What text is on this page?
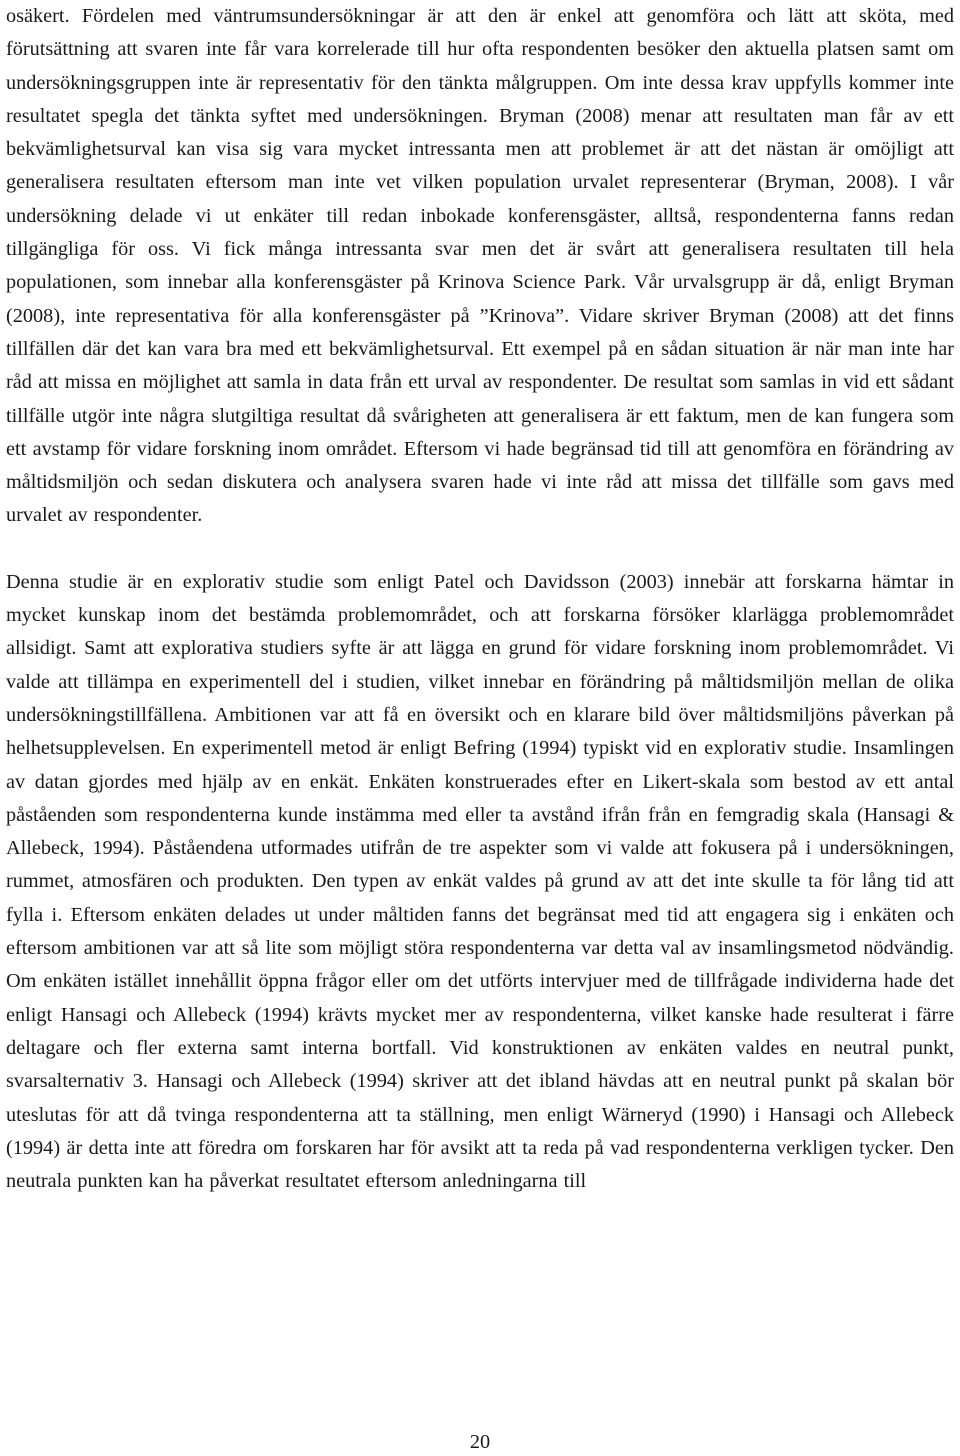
osäkert. Fördelen med väntrumsundersökningar är att den är enkel att genomföra och lätt att sköta, med förutsättning att svaren inte får vara korrelerade till hur ofta respondenten besöker den aktuella platsen samt om undersökningsgruppen inte är representativ för den tänkta målgruppen. Om inte dessa krav uppfylls kommer inte resultatet spegla det tänkta syftet med undersökningen. Bryman (2008) menar att resultaten man får av ett bekvämlighetsurval kan visa sig vara mycket intressanta men att problemet är att det nästan är omöjligt att generalisera resultaten eftersom man inte vet vilken population urvalet representerar (Bryman, 2008). I vår undersökning delade vi ut enkäter till redan inbokade konferensgäster, alltså, respondenterna fanns redan tillgängliga för oss. Vi fick många intressanta svar men det är svårt att generalisera resultaten till hela populationen, som innebar alla konferensgäster på Krinova Science Park. Vår urvalsgrupp är då, enligt Bryman (2008), inte representativa för alla konferensgäster på ”Krinova”. Vidare skriver Bryman (2008) att det finns tillfällen där det kan vara bra med ett bekvämlighetsurval. Ett exempel på en sådan situation är när man inte har råd att missa en möjlighet att samla in data från ett urval av respondenter. De resultat som samlas in vid ett sådant tillfälle utgör inte några slutgiltiga resultat då svårigheten att generalisera är ett faktum, men de kan fungera som ett avstamp för vidare forskning inom området. Eftersom vi hade begränsad tid till att genomföra en förändring av måltidsmiljön och sedan diskutera och analysera svaren hade vi inte råd att missa det tillfälle som gavs med urvalet av respondenter.

Denna studie är en explorativ studie som enligt Patel och Davidsson (2003) innebär att forskarna hämtar in mycket kunskap inom det bestämda problemområdet, och att forskarna försöker klarlägga problemområdet allsidigt. Samt att explorativa studiers syfte är att lägga en grund för vidare forskning inom problemområdet. Vi valde att tillämpa en experimentell del i studien, vilket innebar en förändring på måltidsmiljön mellan de olika undersökningstillfällena. Ambitionen var att få en översikt och en klarare bild över måltidsmiljöns påverkan på helhetsupplevelsen. En experimentell metod är enligt Befring (1994) typiskt vid en explorativ studie. Insamlingen av datan gjordes med hjälp av en enkät. Enkäten konstruerades efter en Likert-skala som bestod av ett antal påståenden som respondenterna kunde instämma med eller ta avstånd ifrån från en femgradig skala (Hansagi & Allebeck, 1994). Påståendena utformades utifrån de tre aspekter som vi valde att fokusera på i undersökningen, rummet, atmosfären och produkten. Den typen av enkät valdes på grund av att det inte skulle ta för lång tid att fylla i. Eftersom enkäten delades ut under måltiden fanns det begränsat med tid att engagera sig i enkäten och eftersom ambitionen var att så lite som möjligt störa respondenterna var detta val av insamlingsmetod nödvändig. Om enkäten istället innehållit öppna frågor eller om det utförts intervjuer med de tillfrågade individerna hade det enligt Hansagi och Allebeck (1994) krävts mycket mer av respondenterna, vilket kanske hade resulterat i färre deltagare och fler externa samt interna bortfall. Vid konstruktionen av enkäten valdes en neutral punkt, svarsalternativ 3. Hansagi och Allebeck (1994) skriver att det ibland hävdas att en neutral punkt på skalan bör uteslutas för att då tvinga respondenterna att ta ställning, men enligt Wärneryd (1990) i Hansagi och Allebeck (1994) är detta inte att föredra om forskaren har för avsikt att ta reda på vad respondenterna verkligen tycker. Den neutrala punkten kan ha påverkat resultatet eftersom anledningarna till

20
